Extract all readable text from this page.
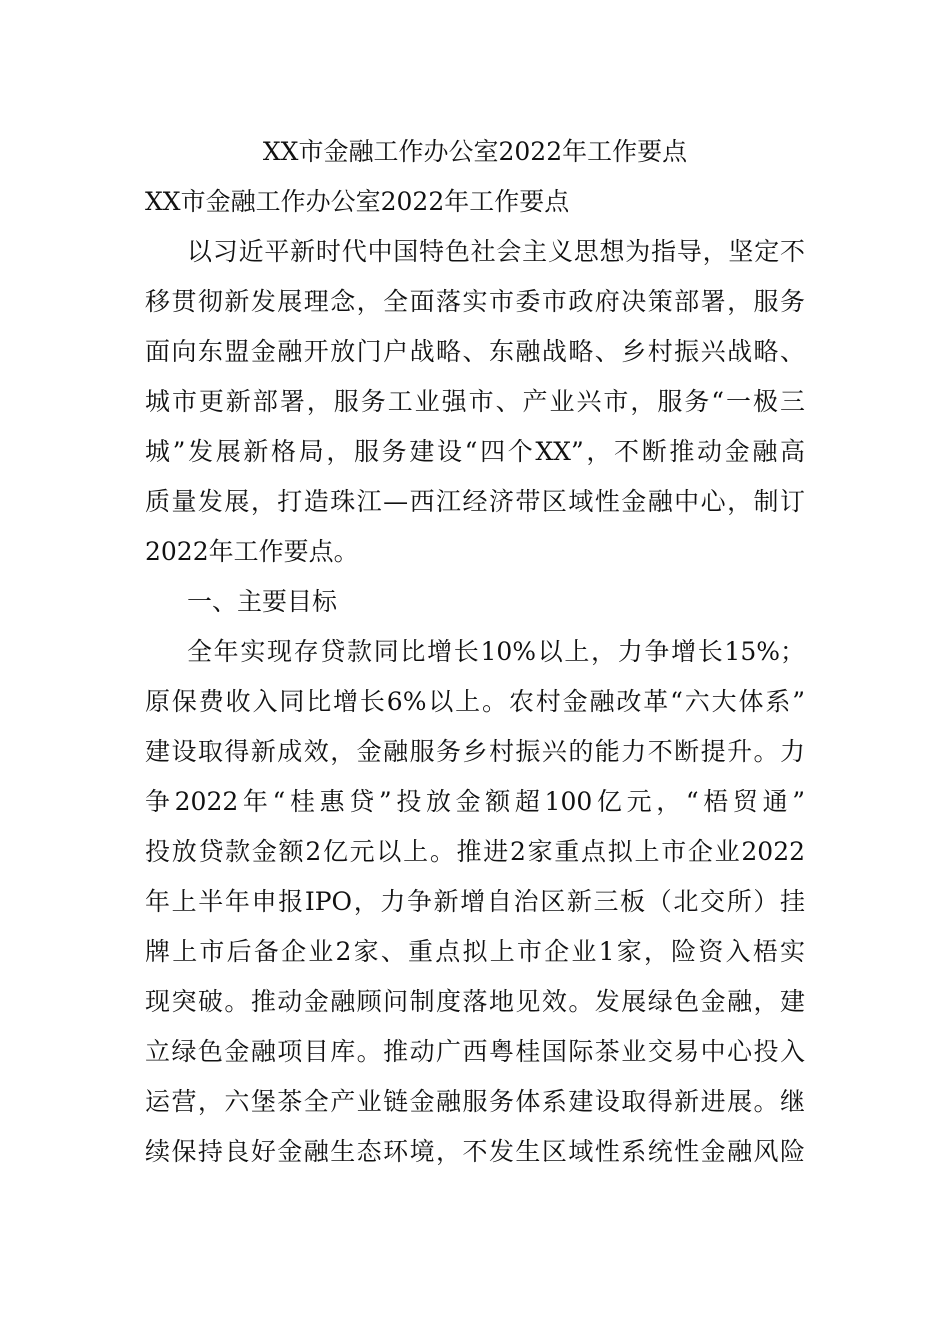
XX市金融工作办公室2022年工作要点
XX市金融工作办公室2022年工作要点
以习近平新时代中国特色社会主义思想为指导，坚定不
移贯彻新发展理念，全面落实市委市政府决策部署，服务
面向东盟金融开放门户战略、东融战略、乡村振兴战略、
城市更新部署，服务工业强市、产业兴市，服务“一极三
城”发展新格局，服务建设“四个XX”，不断推动金融高
质量发展，打造珠江—西江经济带区域性金融中心，制订
2022年工作要点。
一、主要目标
全年实现存贷款同比增长10%以上，力争增长15%；
原保费收入同比增长6%以上。农村金融改革“六大体系”
建设取得新成效，金融服务乡村振兴的能力不断提升。力
争2022年“桂惠贷”投放金额超100亿元，“梧贸通”
投放贷款金额2亿元以上。推进2家重点拟上市企业2022
年上半年申报IPO，力争新增自治区新三板（北交所）挂
牌上市后备企业2家、重点拟上市企业1家，险资入梧实
现突破。推动金融顾问制度落地见效。发展绿色金融，建
立绿色金融项目库。推动广西粤桂国际茶业交易中心投入
运营，六堡茶全产业链金融服务体系建设取得新进展。继
续保持良好金融生态环境，不发生区域性系统性金融风险
